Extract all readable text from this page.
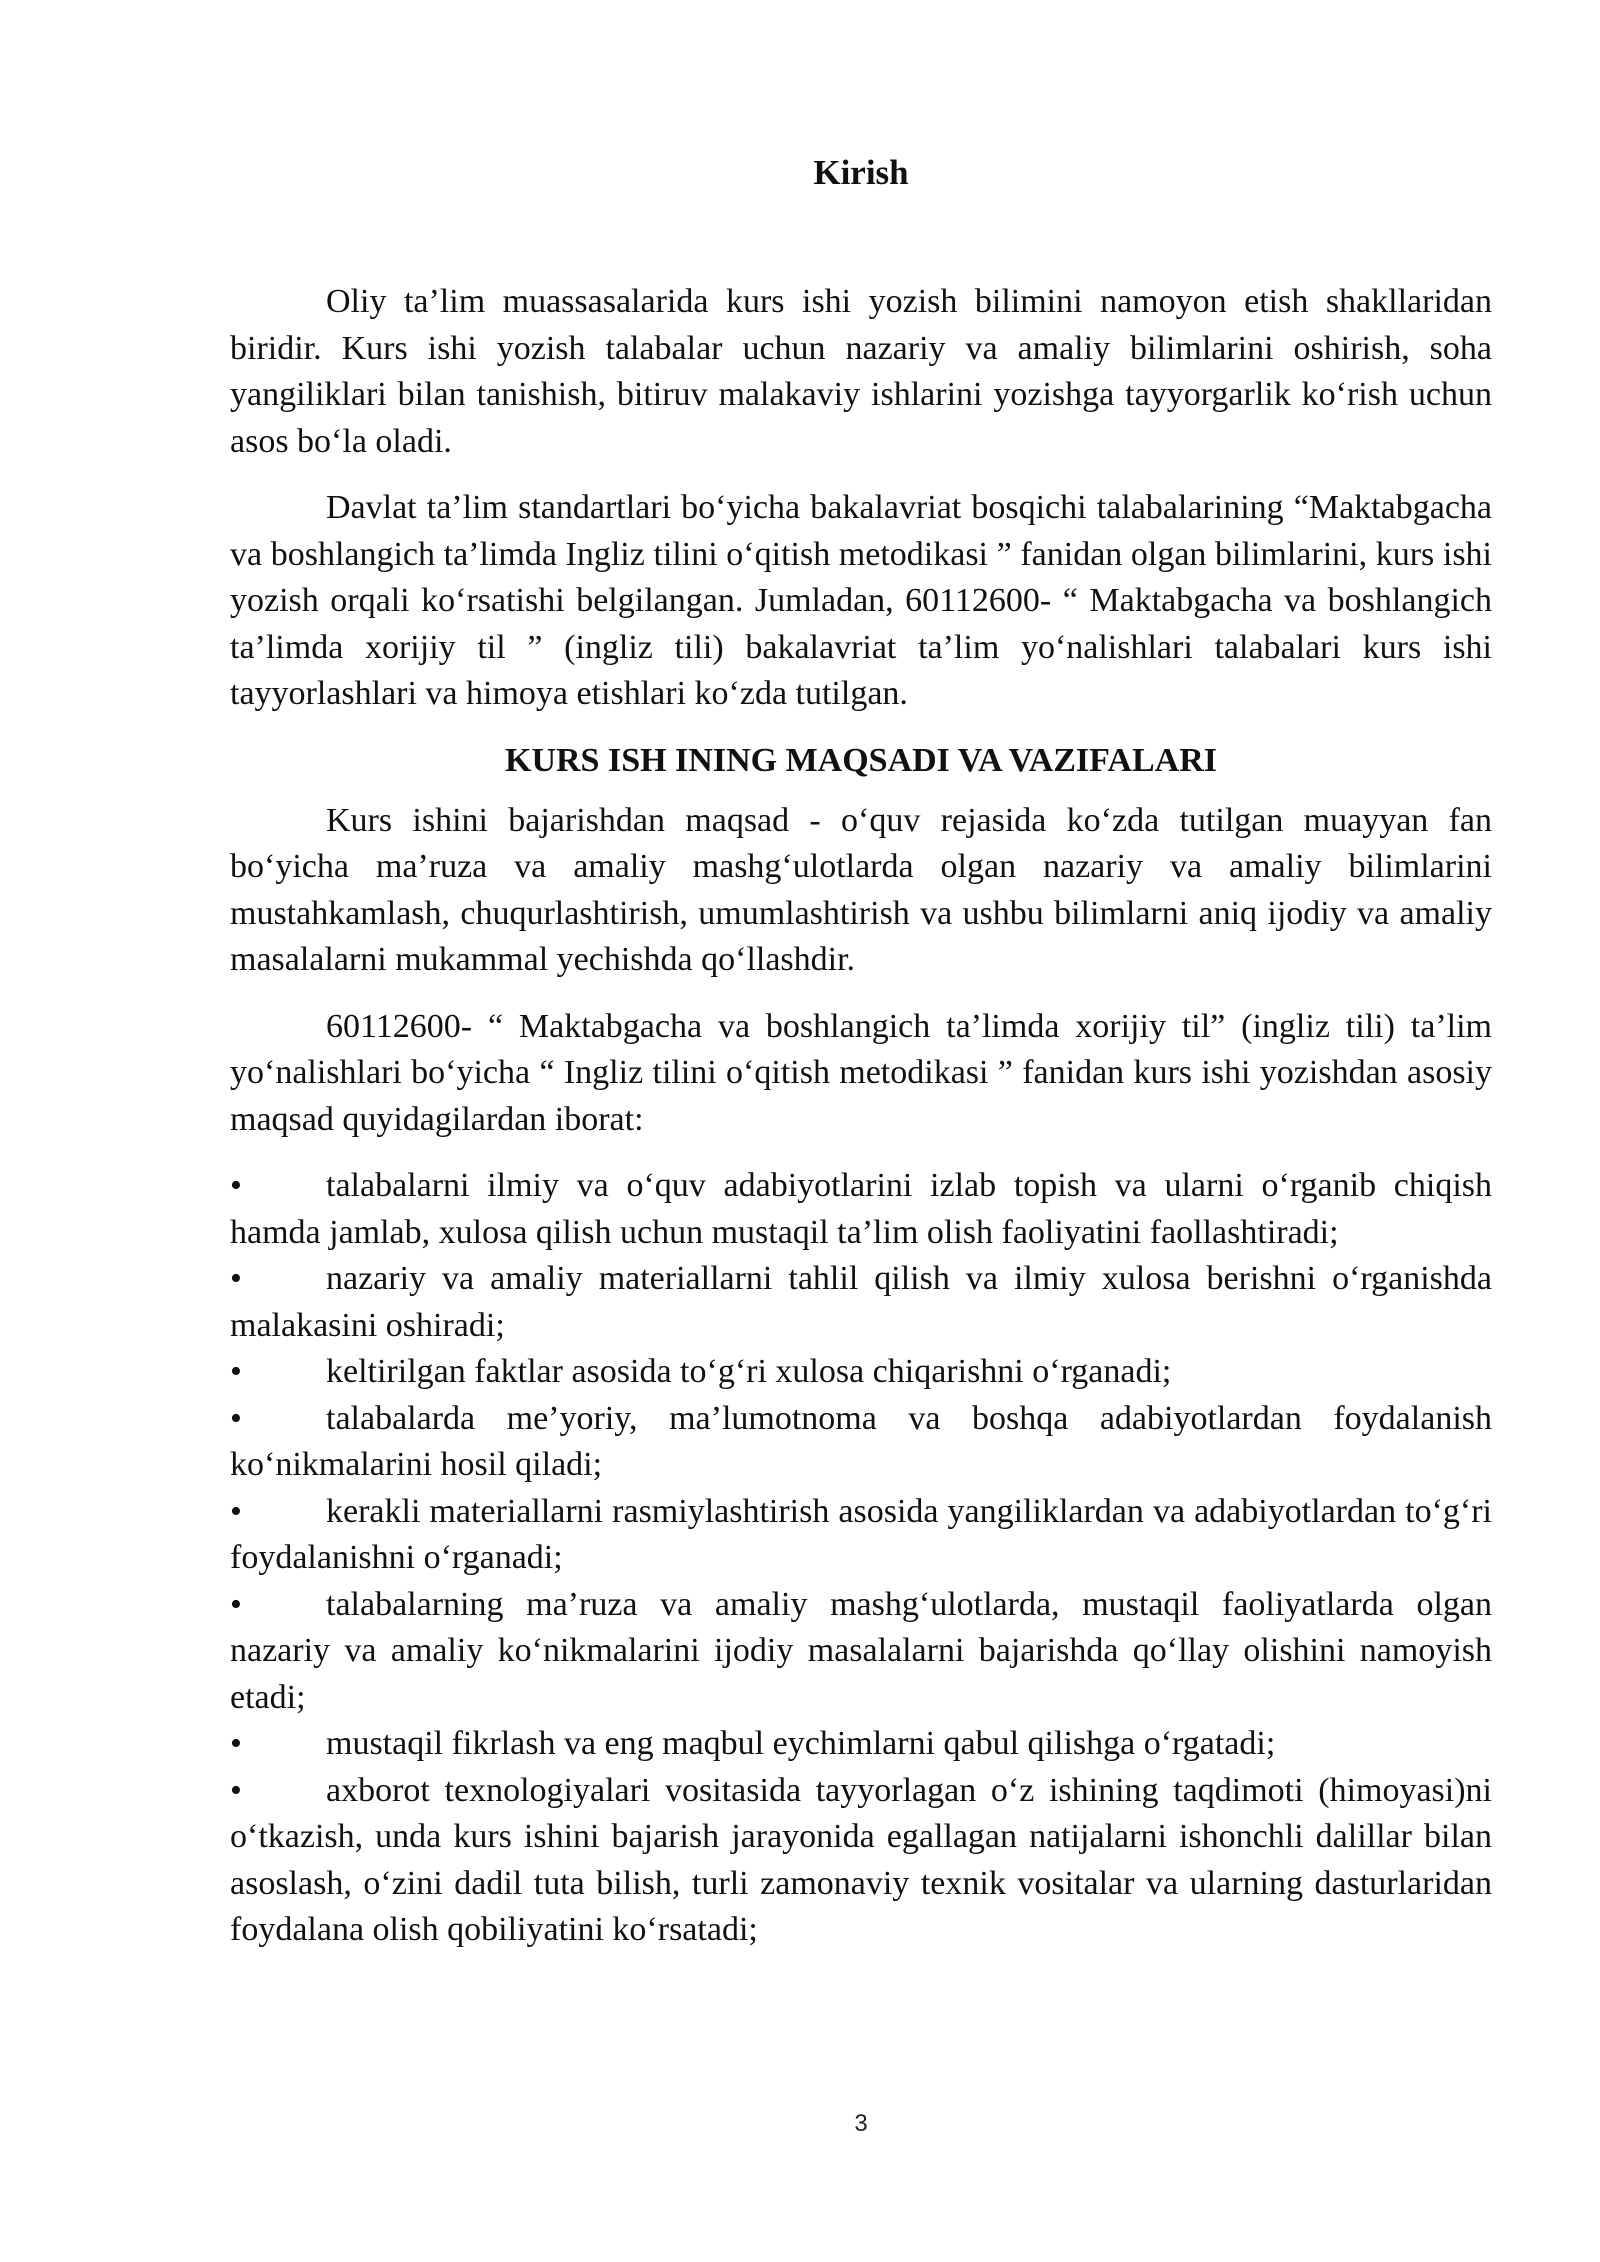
Kirish

Oliy ta’lim muassasalarida kurs ishi yozish bilimini namoyon etish shakllaridan biridir. Kurs ishi yozish talabalar uchun nazariy va amaliy bilimlarini oshirish, soha yangiliklari bilan tanishish, bitiruv malakaviy ishlarini yozishga tayyorgarlik ko‘rish uchun asos bo‘la oladi.

Davlat ta’lim standartlari bo‘yicha bakalavriat bosqichi talabalarining “Maktabgacha va boshlangich ta’limda Ingliz tilini o‘qitish metodikasi ” fanidan olgan bilimlarini, kurs ishi yozish orqali ko‘rsatishi belgilangan. Jumladan, 60112600- “ Maktabgacha va boshlangich ta’limda xorijiy til ” (ingliz tili) bakalavriat ta’lim yo‘nalishlari talabalari kurs ishi tayyorlashlari va himoya etishlari ko‘zda tutilgan.

KURS ISH INING MAQSADI VA VAZIFALARI

Kurs ishini bajarishdan maqsad - o‘quv rejasida ko‘zda tutilgan muayyan fan bo‘yicha ma’ruza va amaliy mashg‘ulotlarda olgan nazariy va amaliy bilimlarini mustahkamlash, chuqurlashtirish, umumlashtirish va ushbu bilimlarni aniq ijodiy va amaliy masalalarni mukammal yechishda qo‘llashdir.

60112600- “ Maktabgacha va boshlangich ta’limda xorijiy til” (ingliz tili) ta’lim yo‘nalishlari bo‘yicha “ Ingliz tilini o‘qitish metodikasi ” fanidan kurs ishi yozishdan asosiy maqsad quyidagilardan iborat:

• talabalarni ilmiy va o‘quv adabiyotlarini izlab topish va ularni o‘rganib chiqish hamda jamlab, xulosa qilish uchun mustaqil ta’lim olish faoliyatini faollashtiradi;

• nazariy va amaliy materiallarni tahlil qilish va ilmiy xulosa berishni o‘rganishda malakasini oshiradi;

• keltirilgan faktlar asosida to‘g‘ri xulosa chiqarishni o‘rganadi;

• talabalarda me’yoriy, ma’lumotnoma va boshqa adabiyotlardan foydalanish ko‘nikmalarini hosil qiladi;

• kerakli materiallarni rasmiylashtirish asosida yangiliklardan va adabiyotlardan to‘g‘ri foydalanishni o‘rganadi;

• talabalarning ma’ruza va amaliy mashg‘ulotlarda, mustaqil faoliyatlarda olgan nazariy va amaliy ko‘nikmalarini ijodiy masalalarni bajarishda qo‘llay olishini namoyish etadi;

• mustaqil fikrlash va eng maqbul eychimlarni qabul qilishga o‘rgatadi;

• axborot texnologiyalari vositasida tayyorlagan o‘z ishining taqdimoti (himoyasi)ni o‘tkazish, unda kurs ishini bajarish jarayonida egallagan natijalarni ishonchli dalillar bilan asoslash, o‘zini dadil tuta bilish, turli zamonaviy texnik vositalar va ularning dasturlaridan foydalana olish qobiliyatini ko‘rsatadi;

3
